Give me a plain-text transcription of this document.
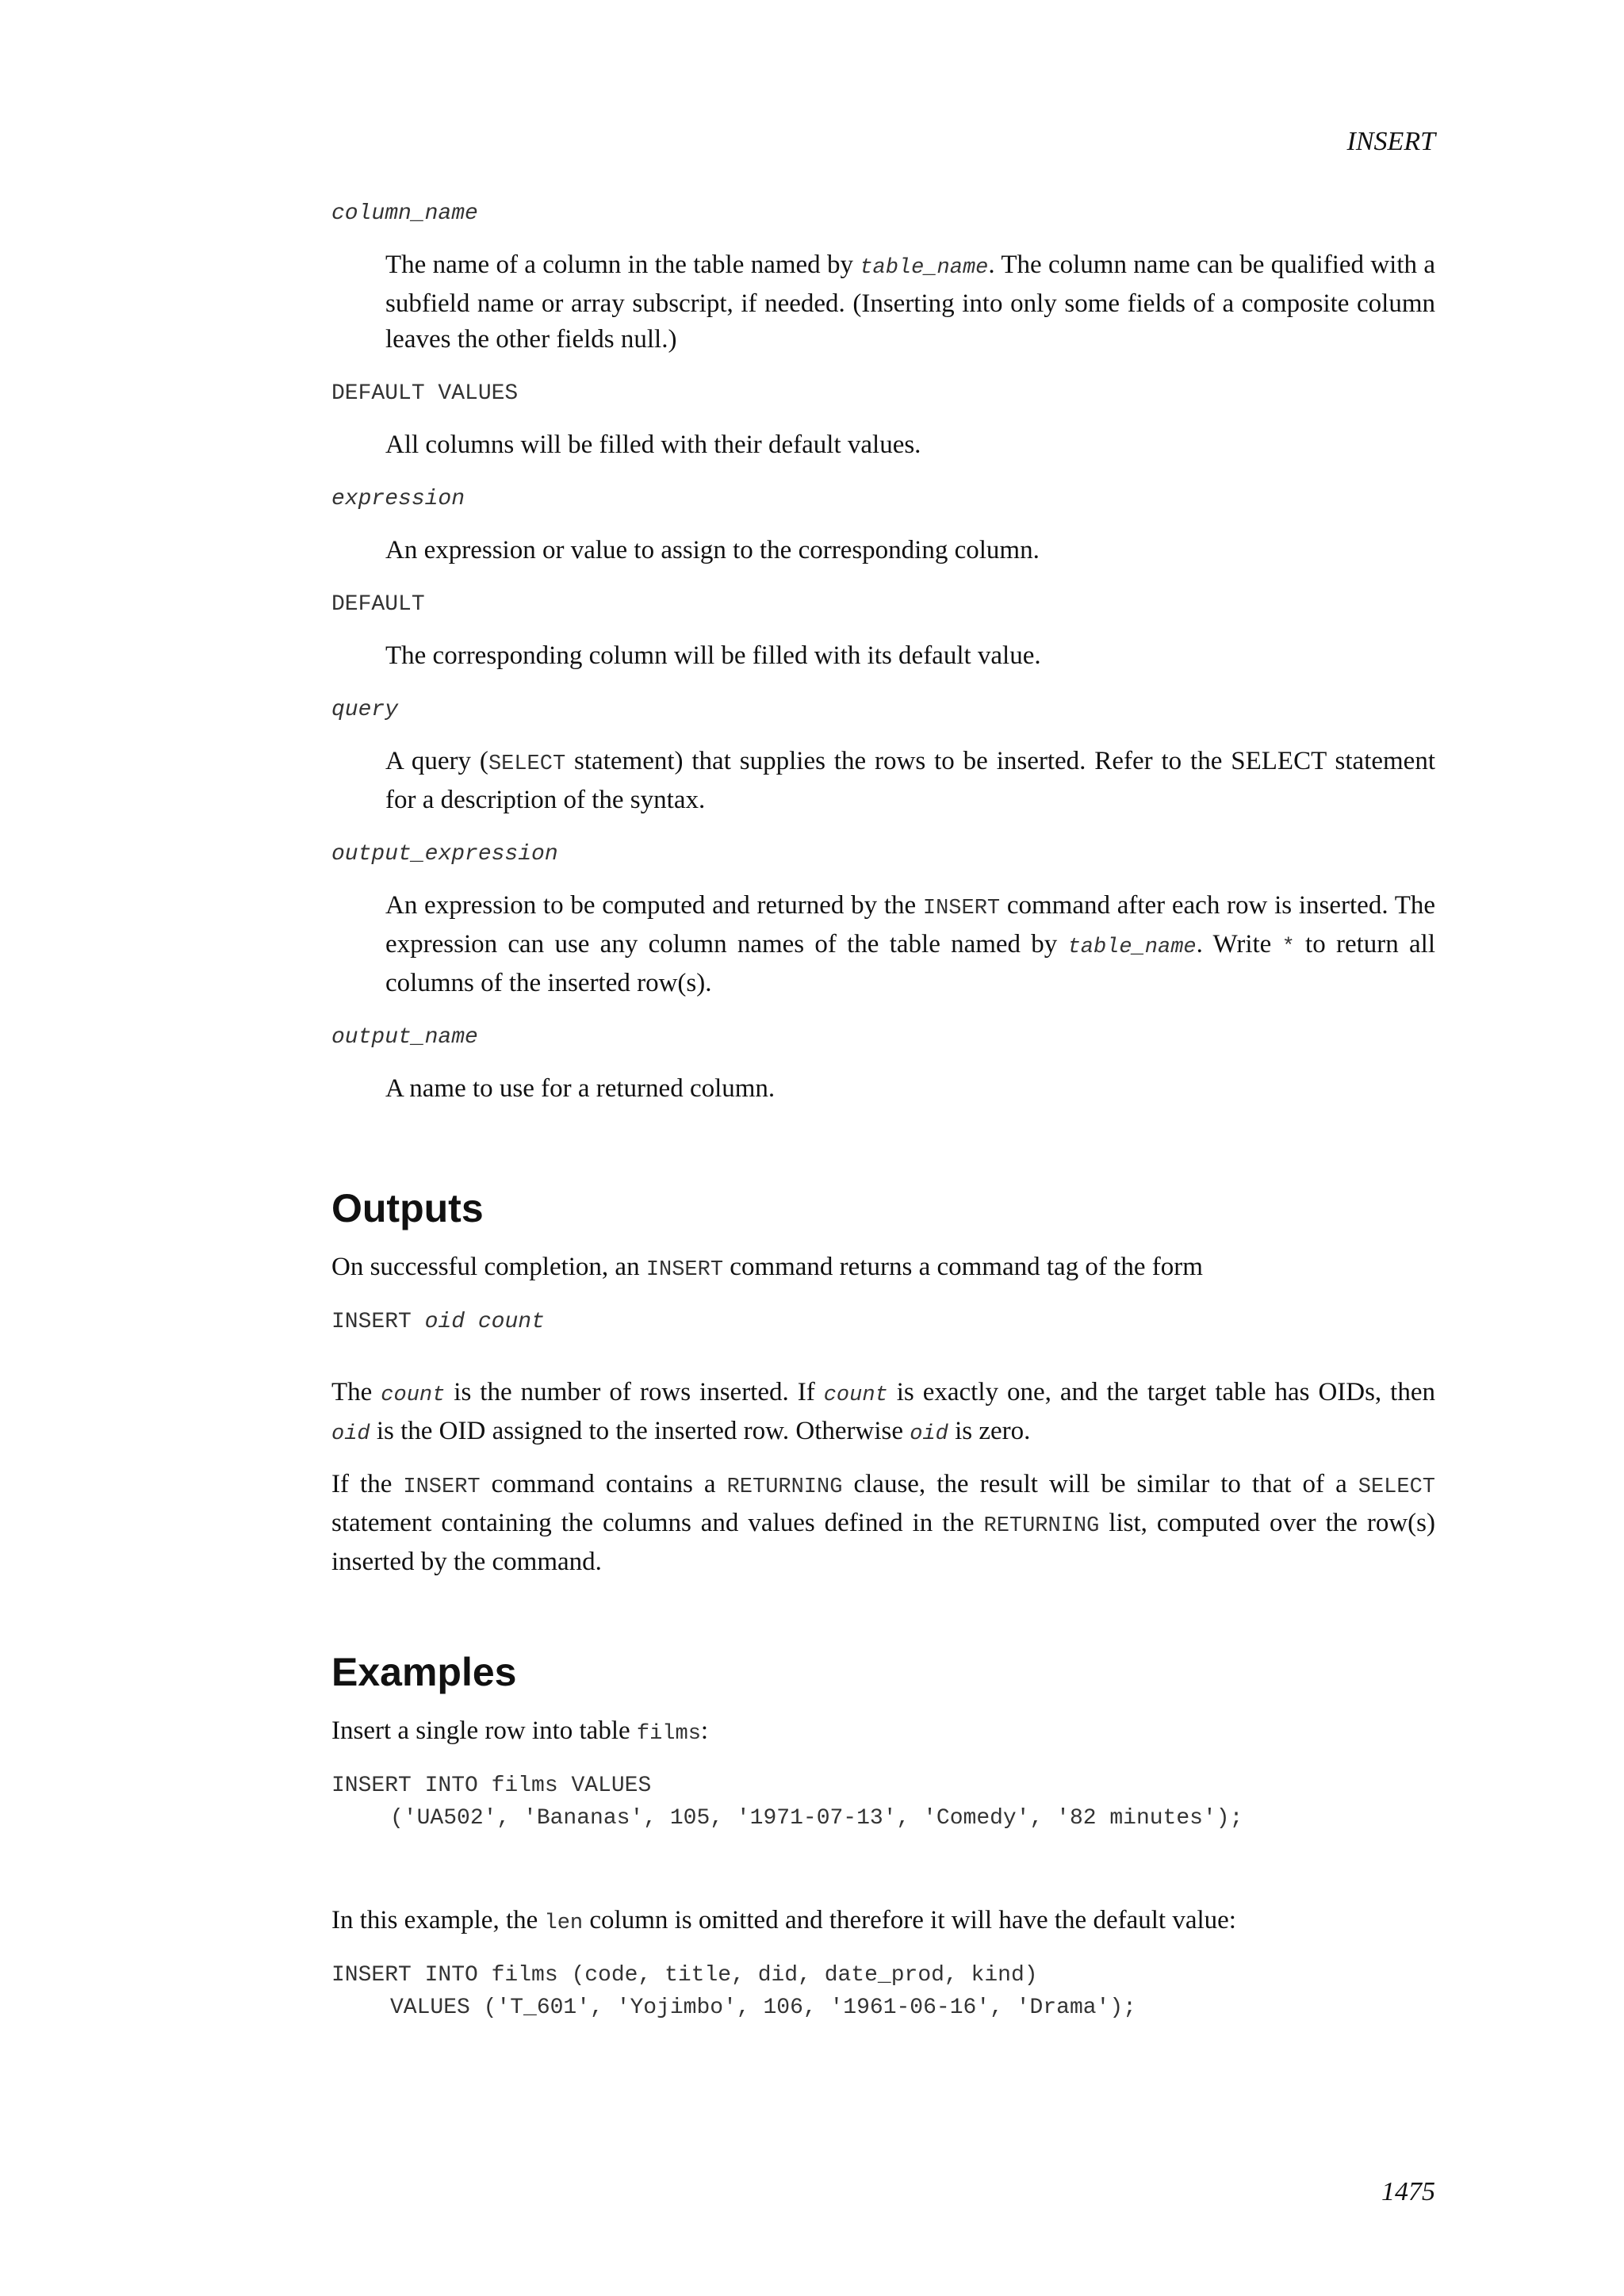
INSERT
column_name
The name of a column in the table named by table_name. The column name can be qualified with a subfield name or array subscript, if needed. (Inserting into only some fields of a composite column leaves the other fields null.)
DEFAULT VALUES
All columns will be filled with their default values.
expression
An expression or value to assign to the corresponding column.
DEFAULT
The corresponding column will be filled with its default value.
query
A query (SELECT statement) that supplies the rows to be inserted. Refer to the SELECT statement for a description of the syntax.
output_expression
An expression to be computed and returned by the INSERT command after each row is inserted. The expression can use any column names of the table named by table_name. Write * to return all columns of the inserted row(s).
output_name
A name to use for a returned column.
Outputs

On successful completion, an INSERT command returns a command tag of the form

INSERT oid count

The count is the number of rows inserted. If count is exactly one, and the target table has OIDs, then oid is the OID assigned to the inserted row. Otherwise oid is zero.

If the INSERT command contains a RETURNING clause, the result will be similar to that of a SELECT statement containing the columns and values defined in the RETURNING list, computed over the row(s) inserted by the command.

Examples

Insert a single row into table films:

INSERT INTO films VALUES
('UA502', 'Bananas', 105, '1971-07-13', 'Comedy', '82 minutes');

In this example, the len column is omitted and therefore it will have the default value:

INSERT INTO films (code, title, did, date_prod, kind)
VALUES ('T_601', 'Yojimbo', 106, '1961-06-16', 'Drama');
1475
